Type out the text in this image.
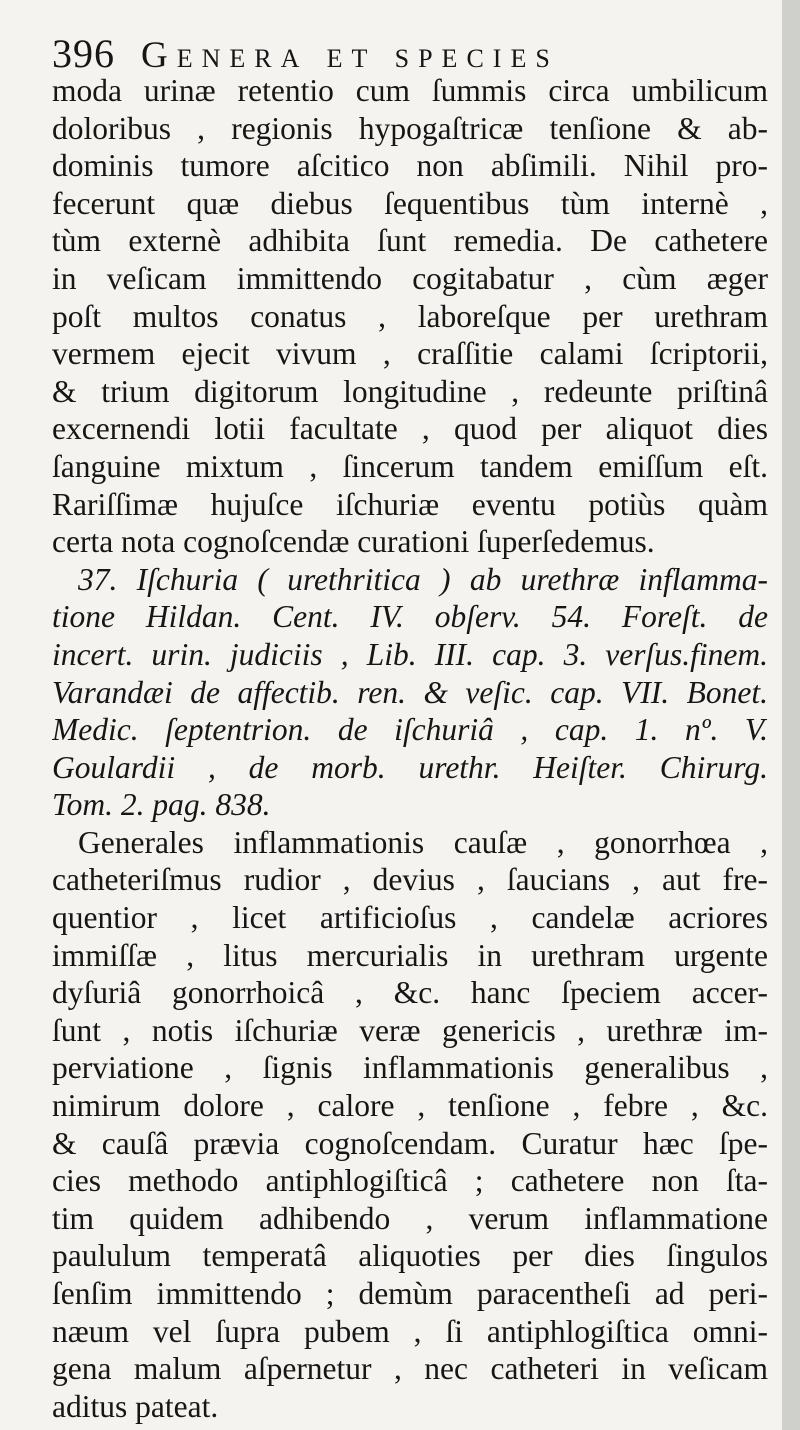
396 Genera et species
moda urinæ retentio cum ſummis circa umbilicum
doloribus , regionis hypogaſtricæ tenſione & ab-
dominis tumore aſcitico non abſimili. Nihil pro-
fecerunt quæ diebus ſequentibus tùm internè ,
tùm externè adhibita ſunt remedia. De cathetere
in veſicam immittendo cogitabatur , cùm æger
poſt multos conatus , laboreſque per urethram
vermem ejecit vivum , craſſitie calami ſcriptorii,
& trium digitorum longitudine , redeunte priſtinâ
excernendi lotii facultate , quod per aliquot dies
ſanguine mixtum , ſincerum tandem emiſſum eſt.
Rariſſimæ hujuſce iſchuriæ eventu potiùs quàm
certa nota cognoſcendæ curationi ſuperſedemus.
37. Iſchuria ( urethritica ) ab urethræ inflamma-
tione Hildan. Cent. IV. obſerv. 54. Foreſt. de
incert. urin. judiciis , Lib. III. cap. 3. verſus.finem.
Varandæi de affectib. ren. & veſic. cap. VII. Bonet.
Medic. ſeptentrion. de iſchuriâ , cap. 1. nº. V.
Goulardii , de morb. urethr. Heiſter. Chirurg.
Tom. 2. pag. 838.
Generales inflammationis cauſæ , gonorrhœa ,
catheteriſmus rudior , devius , ſaucians , aut fre-
quentior , licet artificioſus , candelæ acriores
immiſſæ , litus mercurialis in urethram urgente
dyſuriâ gonorrhoicâ , &c. hanc ſpeciem accer-
ſunt , notis iſchuriæ veræ genericis , urethræ im-
perviatione , ſignis inflammationis generalibus ,
nimirum dolore , calore , tenſione , febre , &c.
& cauſâ prævia cognoſcendam. Curatur hæc ſpe-
cies methodo antiphlogiſticâ ; cathetere non ſta-
tim quidem adhibendo , verum inflammatione
paululum temperatâ aliquoties per dies ſingulos
ſenſim immittendo ; demùm paracentheſi ad peri-
næum vel ſupra pubem , ſi antiphlogiſtica omni-
gena malum aſpernetur , nec catheteri in veſicam
aditus pateat.
